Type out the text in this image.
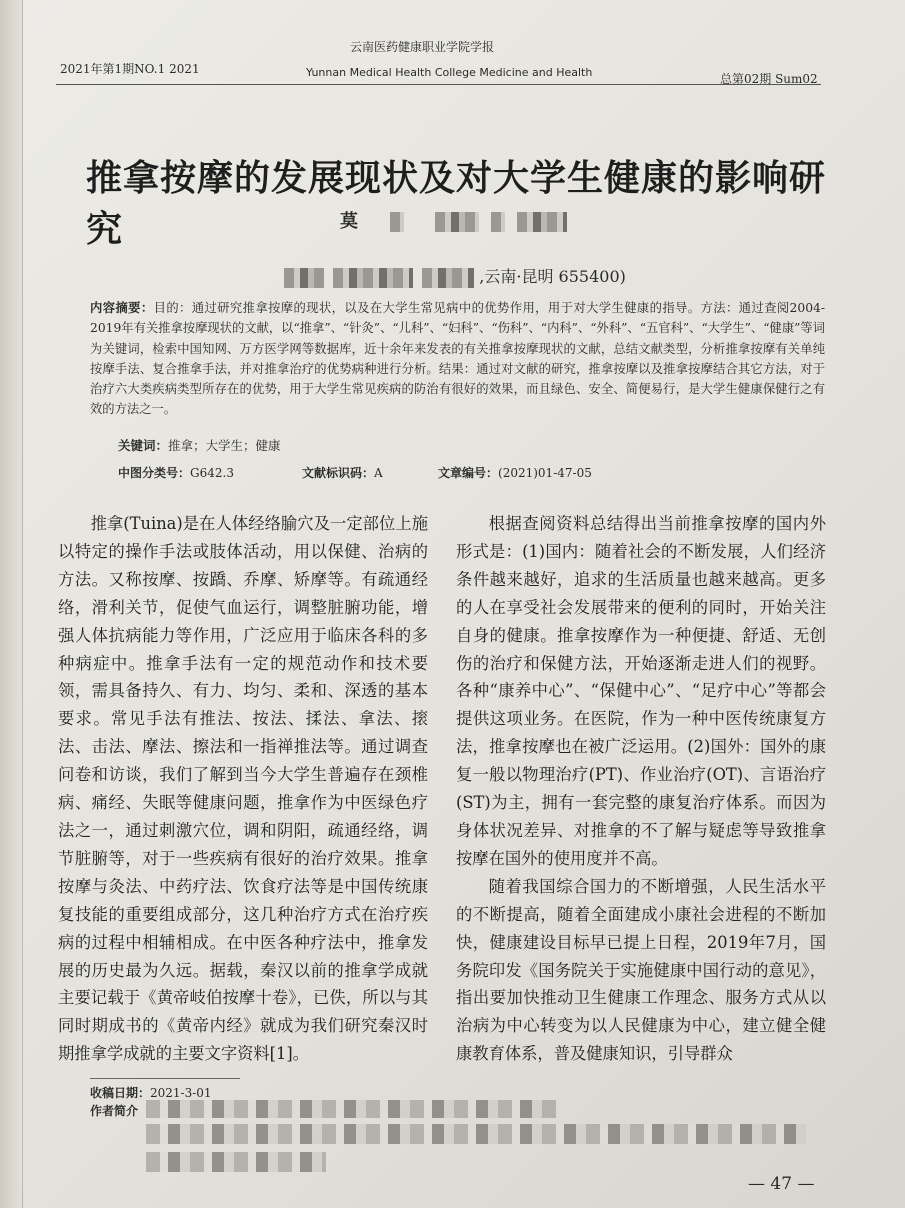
2021年第1期NO.1 2021
云南医药健康职业学院学报
Yunnan Medical Health College Medicine and Health	总第02期 Sum02
推拿按摩的发展现状及对大学生健康的影响研究	莫
,云南·昆明 655400)
内容摘要：目的：通过研究推拿按摩的现状，以及在大学生常见病中的优势作用，用于对大学生健康的指导。方法：通过查阅2004-2019年有关推拿按摩现状的文献，以“推拿”、“针灸”、“儿科”、“妇科”、“伤科”、“内科”、“外科”、“五官科”、“大学生”、“健康”等词为关键词，检索中国知网、万方医学网等数据库，近十余年来发表的有关推拿按摩现状的文献，总结文献类型，分析推拿按摩有关单纯按摩手法、复合推拿手法，并对推拿治疗的优势病种进行分析。结果：通过对文献的研究，推拿按摩以及推拿按摩结合其它方法，对于治疗六大类疾病类型所存在的优势，用于大学生常见疾病的防治有很好的效果，而且绿色、安全、简便易行，是大学生健康保健行之有效的方法之一。
关键词：推拿；大学生；健康
中图分类号：G642.3	文献标识码：A	文章编号：(2021)01-47-05

推拿(Tuina)是在人体经络腧穴及一定部位上施以特定的操作手法或肢体活动，用以保健、治病的方法。又称按摩、按蹻、乔摩、矫摩等。有疏通经络，滑利关节，促使气血运行，调整脏腑功能，增强人体抗病能力等作用，广泛应用于临床各科的多种病症中。推拿手法有一定的规范动作和技术要领，需具备持久、有力、均匀、柔和、深透的基本要求。常见手法有推法、按法、揉法、拿法、㨰法、击法、摩法、擦法和一指禅推法等。通过调查问卷和访谈，我们了解到当今大学生普遍存在颈椎病、痛经、失眠等健康问题，推拿作为中医绿色疗法之一，通过刺激穴位，调和阴阳，疏通经络，调节脏腑等，对于一些疾病有很好的治疗效果。推拿按摩与灸法、中药疗法、饮食疗法等是中国传统康复技能的重要组成部分，这几种治疗方式在治疗疾病的过程中相辅相成。在中医各种疗法中，推拿发展的历史最为久远。据载，秦汉以前的推拿学成就主要记载于《黄帝岐伯按摩十卷》，已佚，所以与其同时期成书的《黄帝内经》就成为我们研究秦汉时期推拿学成就的主要文字资料[1]。

根据查阅资料总结得出当前推拿按摩的国内外形式是：(1)国内：随着社会的不断发展，人们经济条件越来越好，追求的生活质量也越来越高。更多的人在享受社会发展带来的便利的同时，开始关注自身的健康。推拿按摩作为一种便捷、舒适、无创伤的治疗和保健方法，开始逐渐走进人们的视野。各种“康养中心”、“保健中心”、“足疗中心”等都会提供这项业务。在医院，作为一种中医传统康复方法，推拿按摩也在被广泛运用。(2)国外：国外的康复一般以物理治疗(PT)、作业治疗(OT)、言语治疗(ST)为主，拥有一套完整的康复治疗体系。而因为身体状况差异、对推拿的不了解与疑虑等导致推拿按摩在国外的使用度并不高。

随着我国综合国力的不断增强，人民生活水平的不断提高，随着全面建成小康社会进程的不断加快，健康建设目标早已提上日程，2019年7月，国务院印发《国务院关于实施健康中国行动的意见》，指出要加快推动卫生健康工作理念、服务方式从以治病为中心转变为以人民健康为中心，建立健全健康教育体系，普及健康知识，引导群众

收稿日期：2021-3-01
作者简介
— 47 —
